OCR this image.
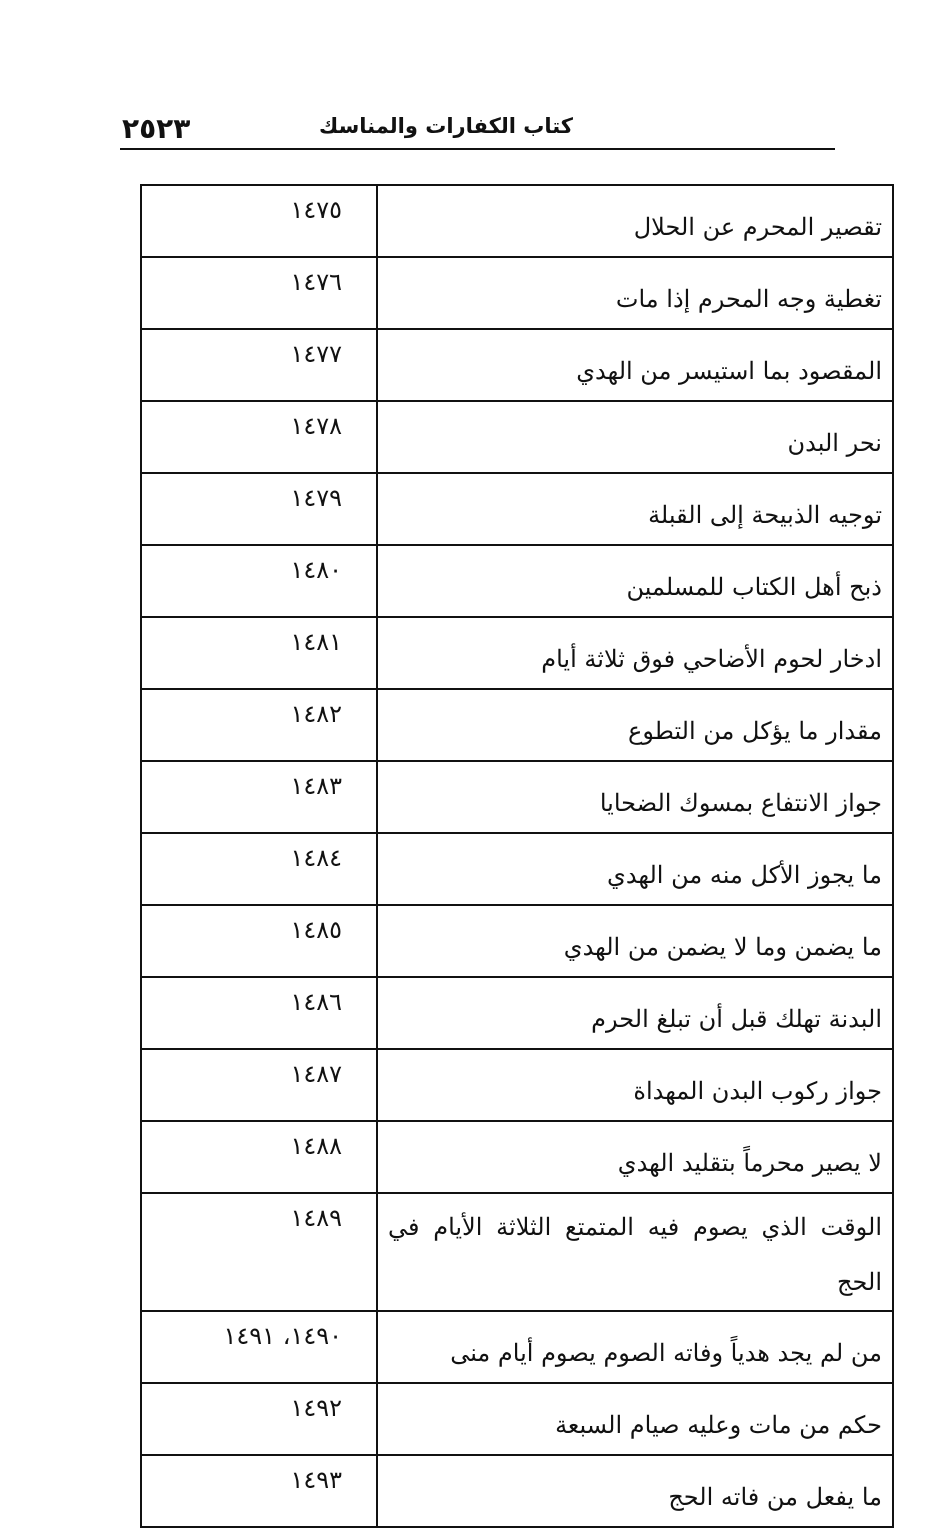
٢٥٢٣	كتاب الكفارات والمناسك
تقصير المحرم عن الحلال	١٤٧٥
تغطية وجه المحرم إذا مات	١٤٧٦
المقصود بما استيسر من الهدي	١٤٧٧
نحر البدن	١٤٧٨
توجيه الذبيحة إلى القبلة	١٤٧٩
ذبح أهل الكتاب للمسلمين	١٤٨٠
ادخار لحوم الأضاحي فوق ثلاثة أيام	١٤٨١
مقدار ما يؤكل من التطوع	١٤٨٢
جواز الانتفاع بمسوك الضحايا	١٤٨٣
ما يجوز الأكل منه من الهدي	١٤٨٤
ما يضمن وما لا يضمن من الهدي	١٤٨٥
البدنة تهلك قبل أن تبلغ الحرم	١٤٨٦
جواز ركوب البدن المهداة	١٤٨٧
لا يصير محرماً بتقليد الهدي	١٤٨٨
الوقت الذي يصوم فيه المتمتع الثلاثة الأيام في الحج	١٤٨٩
من لم يجد هدياً وفاته الصوم يصوم أيام منى	١٤٩٠، ١٤٩١
حكم من مات وعليه صيام السبعة	١٤٩٢
ما يفعل من فاته الحج	١٤٩٣
